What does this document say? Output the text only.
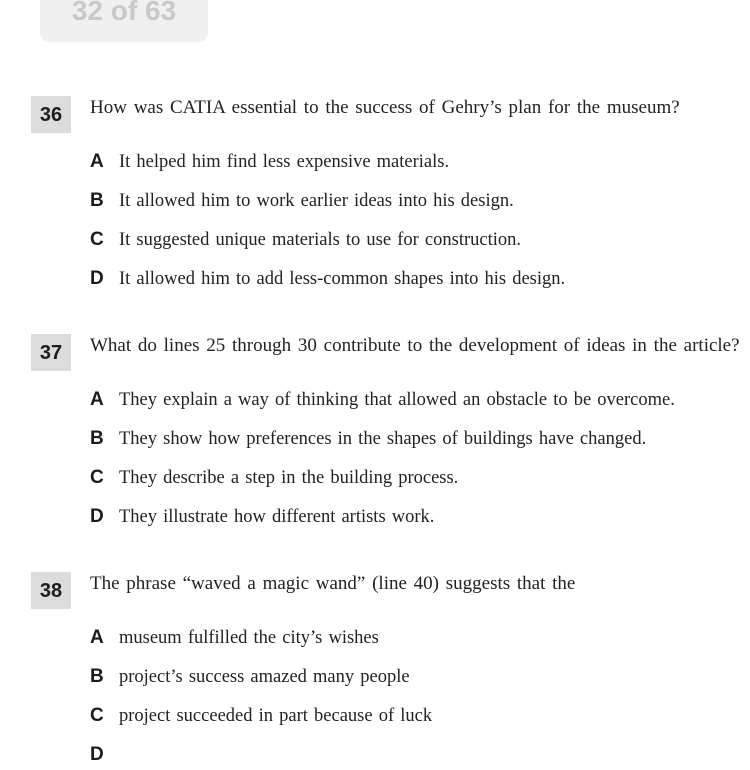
32 of 63
36	How was CATIA essential to the success of Gehry’s plan for the museum?
A It helped him find less expensive materials.
B It allowed him to work earlier ideas into his design.
C It suggested unique materials to use for construction.
D It allowed him to add less-common shapes into his design.
37	What do lines 25 through 30 contribute to the development of ideas in the article?
A They explain a way of thinking that allowed an obstacle to be overcome.
B They show how preferences in the shapes of buildings have changed.
C They describe a step in the building process.
D They illustrate how different artists work.
38	The phrase “waved a magic wand” (line 40) suggests that the
A museum fulfilled the city’s wishes
B project’s success amazed many people
C project succeeded in part because of luck
D
